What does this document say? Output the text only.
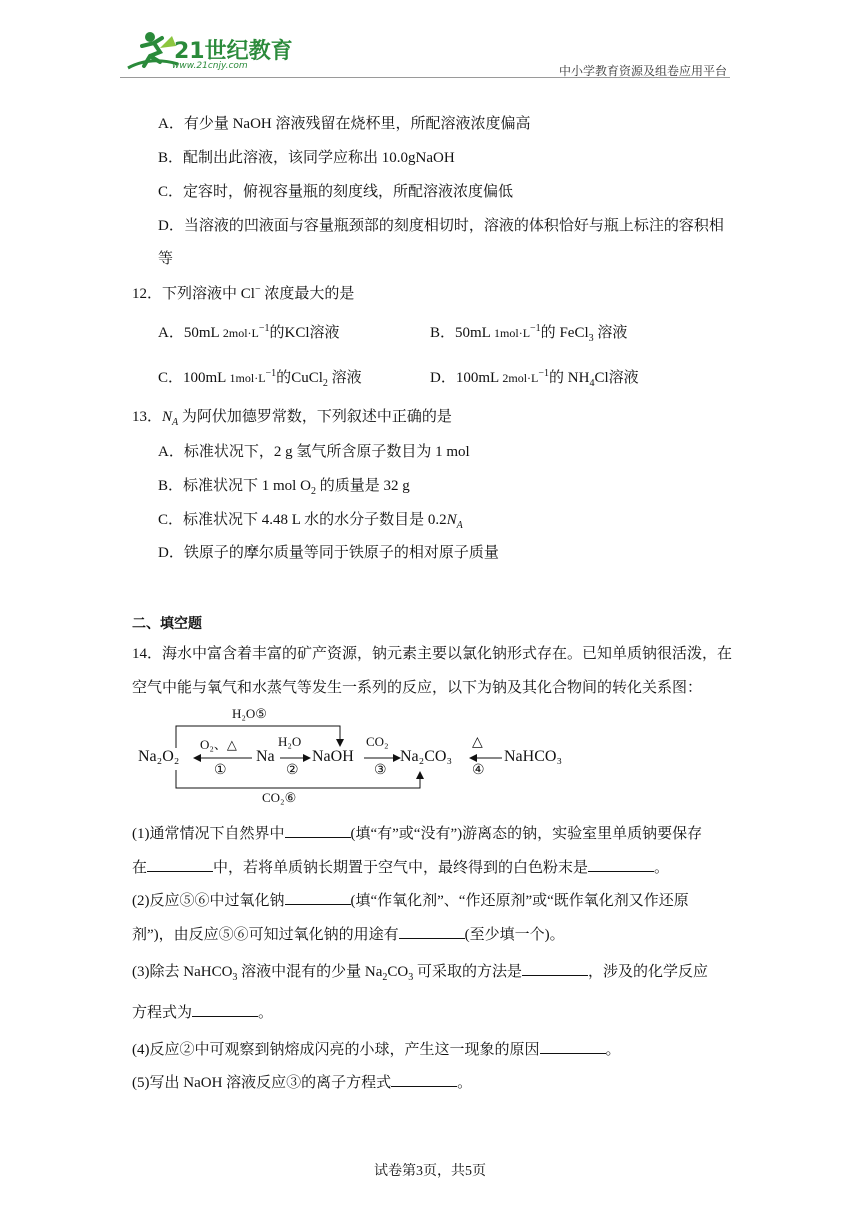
21世纪教育
www.21cnjy.com	中小学教育资源及组卷应用平台
A．有少量 NaOH 溶液残留在烧杯里，所配溶液浓度偏高
B．配制出此溶液，该同学应称出 10.0gNaOH
C．定容时，俯视容量瓶的刻度线，所配溶液浓度偏低
D．当溶液的凹液面与容量瓶颈部的刻度相切时，溶液的体积恰好与瓶上标注的容积相
等
12．下列溶液中 Cl− 浓度最大的是
A．50mL $2mol\cdot L^{-1}$的KCl溶液	B．50mL $1mol\cdot L^{-1}$的 FeCl$_3$ 溶液
C．100mL $1mol\cdot L^{-1}$的CuCl$_2$ 溶液	D．100mL $2mol\cdot L^{-1}$的 $NH_4Cl$溶液
13．$N_A$ 为阿伏加德罗常数，下列叙述中正确的是
A．标准状况下，2 g 氢气所含原子数目为 1 mol
B．标准状况下 1 mol $O_2$ 的质量是 32 g
C．标准状况下 4.48 L 水的水分子数目是 $0.2N_A$
D．铁原子的摩尔质量等同于铁原子的相对原子质量
二、填空题
14．海水中富含着丰富的矿产资源，钠元素主要以氯化钠形式存在。已知单质钠很活泼，在
空气中能与氧气和水蒸气等发生一系列的反应，以下为钠及其化合物间的转化关系图：
Na₂O₂	Na NaOH	Na₂CO₃	NaHCO₃
O₂、△
①
H₂O
②
CO₂
③
△
④
H₂O⑤
CO₂⑥
(1)通常情况下自然界中	(填“有”或“没有”)游离态的钠，实验室里单质钠要保存
在	中，若将单质钠长期置于空气中，最终得到的白色粉末是	。
(2)反应⑤⑥中过氧化钠	(填“作氧化剂”、“作还原剂”或“既作氧化剂又作还原
剂”)，由反应⑤⑥可知过氧化钠的用途有	(至少填一个)。
(3)除去 NaHCO$_3$ 溶液中混有的少量 $Na_2CO_3$ 可采取的方法是	，涉及的化学反应
方程式为	。
(4)反应②中可观察到钠熔成闪亮的小球，产生这一现象的原因	。
(5)写出 NaOH 溶液反应③的离子方程式	。
试卷第3页，共5页
